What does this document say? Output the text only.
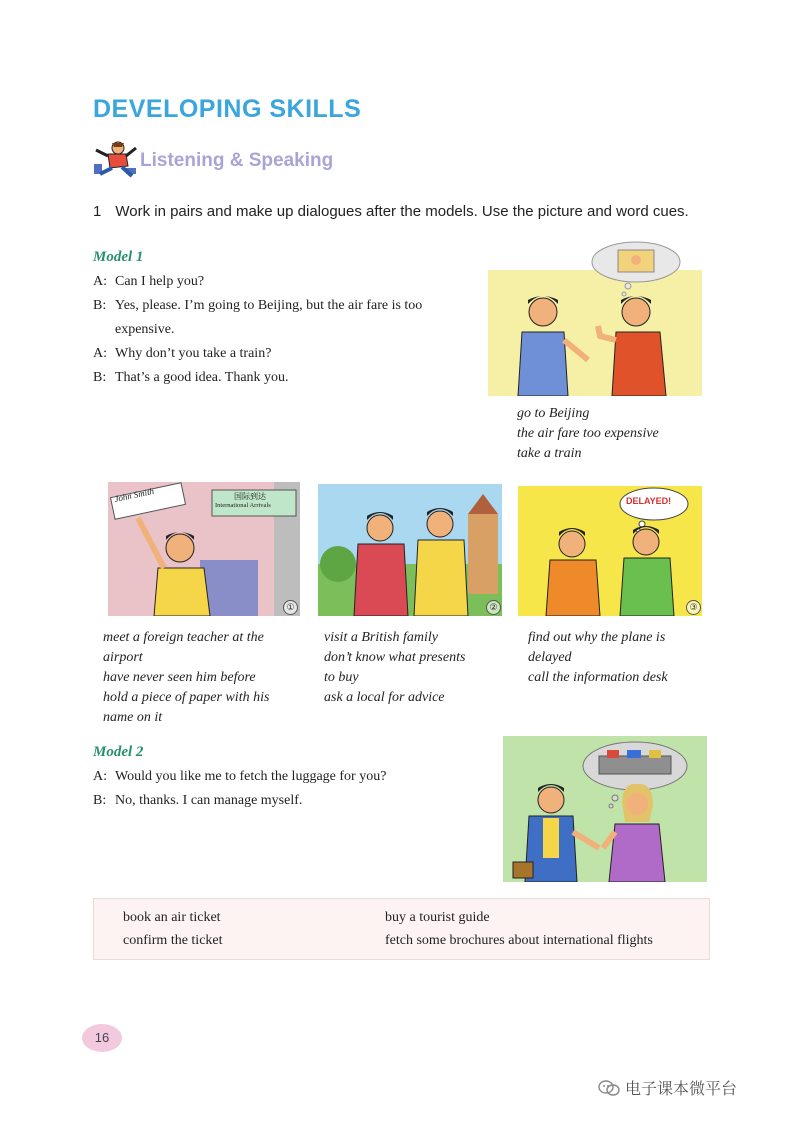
DEVELOPING SKILLS
Listening & Speaking
1 Work in pairs and make up dialogues after the models. Use the picture and word cues.
Model 1
A: Can I help you?
B: Yes, please. I’m going to Beijing, but the air fare is too
expensive.
A: Why don’t you take a train?
B: That’s a good idea. Thank you.
go to Beijing
the air fare too expensive
take a train
John Smith	国际到达
International Arrivals
①	②
DELAYED!
③
meet a foreign teacher at the
airport
have never seen him before
hold a piece of paper with his
name on it
visit a British family
don’t know what presents
to buy
ask a local for advice
find out why the plane is
delayed
call the information desk
Model 2
A: Would you like me to fetch the luggage for you?
B: No, thanks. I can manage myself.
book an air ticket
confirm the ticket
buy a tourist guide
fetch some brochures about international flights
16
电子课本微平台
